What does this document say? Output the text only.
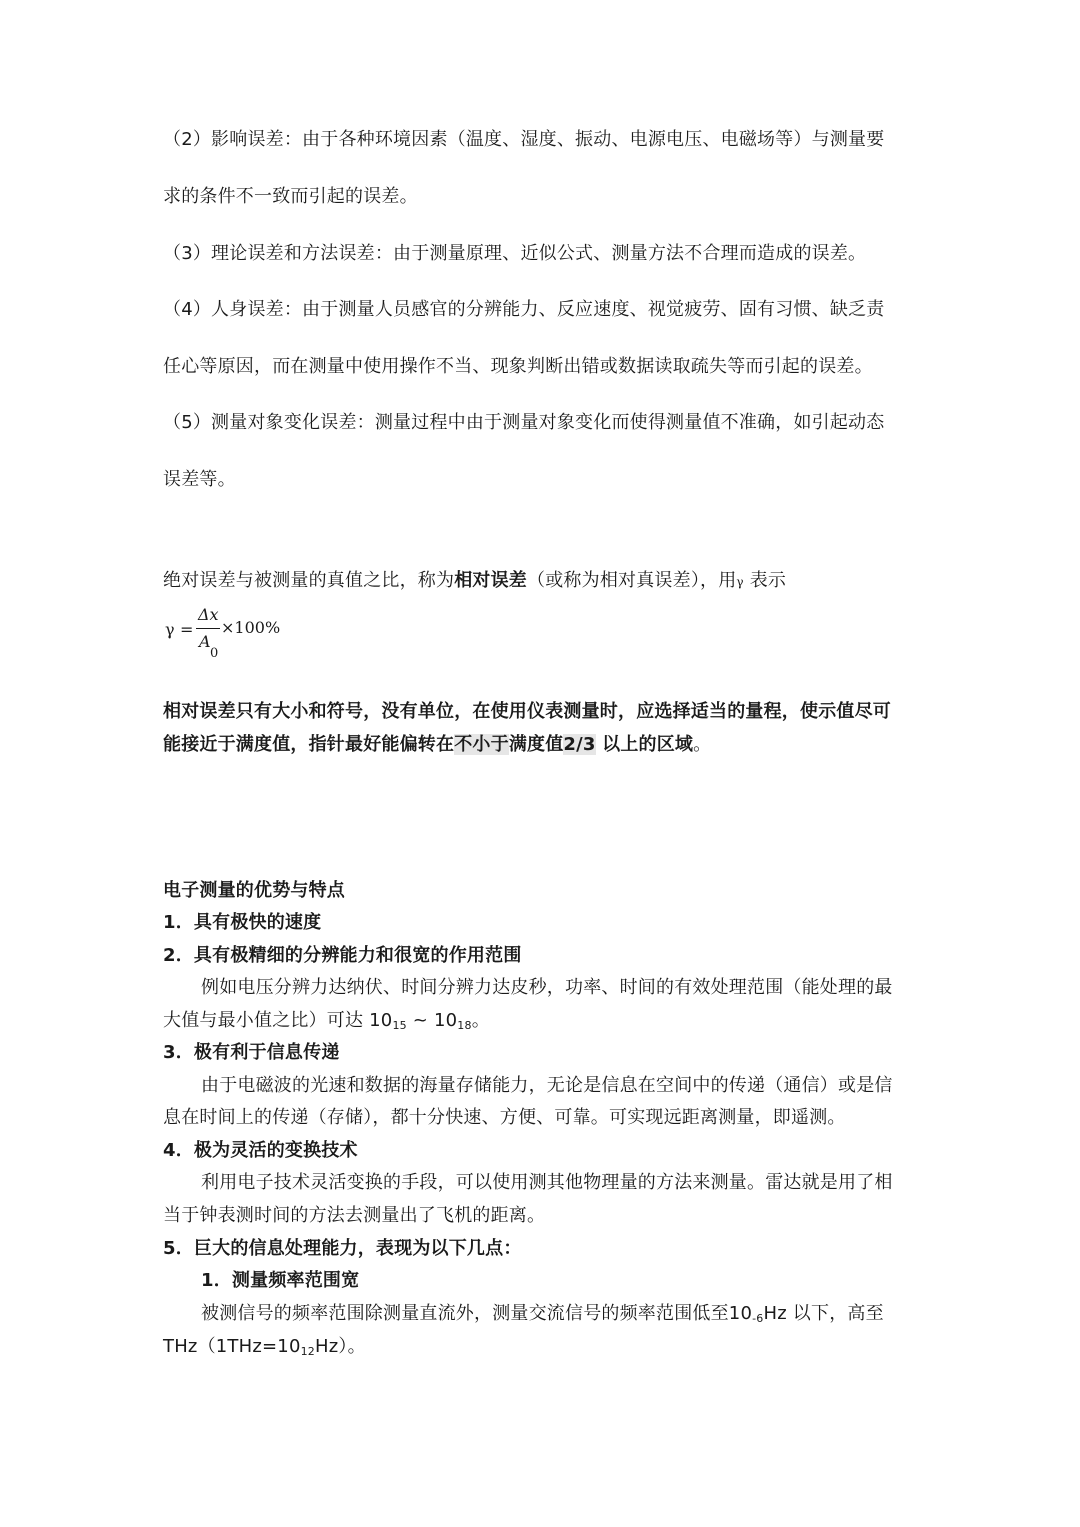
（2）影响误差：由于各种环境因素（温度、湿度、振动、电源电压、电磁场等）与测量要
求的条件不一致而引起的误差。
（3）理论误差和方法误差：由于测量原理、近似公式、测量方法不合理而造成的误差。
（4）人身误差：由于测量人员感官的分辨能力、反应速度、视觉疲劳、固有习惯、缺乏责
任心等原因，而在测量中使用操作不当、现象判断出错或数据读取疏失等而引起的误差。
（5）测量对象变化误差：测量过程中由于测量对象变化而使得测量值不准确，如引起动态
误差等。
绝对误差与被测量的真值之比，称为相对误差（或称为相对真误差），用γ 表示
γ =
Δx
A
0
×100%
相对误差只有大小和符号，没有单位，在使用仪表测量时，应选择适当的量程，使示值尽可
能接近于满度值，指针最好能偏转在不小于满度值2/3 以上的区域。
电子测量的优势与特点
1．具有极快的速度
2．具有极精细的分辨能力和很宽的作用范围
例如电压分辨力达纳伏、时间分辨力达皮秒，功率、时间的有效处理范围（能处理的最
大值与最小值之比）可达 $10_{15}$ ~ $10_{18}$。
3．极有利于信息传递
由于电磁波的光速和数据的海量存储能力，无论是信息在空间中的传递（通信）或是信
息在时间上的传递（存储），都十分快速、方便、可靠。可实现远距离测量，即遥测。
4．极为灵活的变换技术
利用电子技术灵活变换的手段，可以使用测其他物理量的方法来测量。雷达就是用了相
当于钟表测时间的方法去测量出了飞机的距离。
5．巨大的信息处理能力，表现为以下几点：
1．测量频率范围宽
被测信号的频率范围除测量直流外，测量交流信号的频率范围低至$10_{-6}Hz$ 以下，高至
$THz(1THz=10_{12}Hz)$。
